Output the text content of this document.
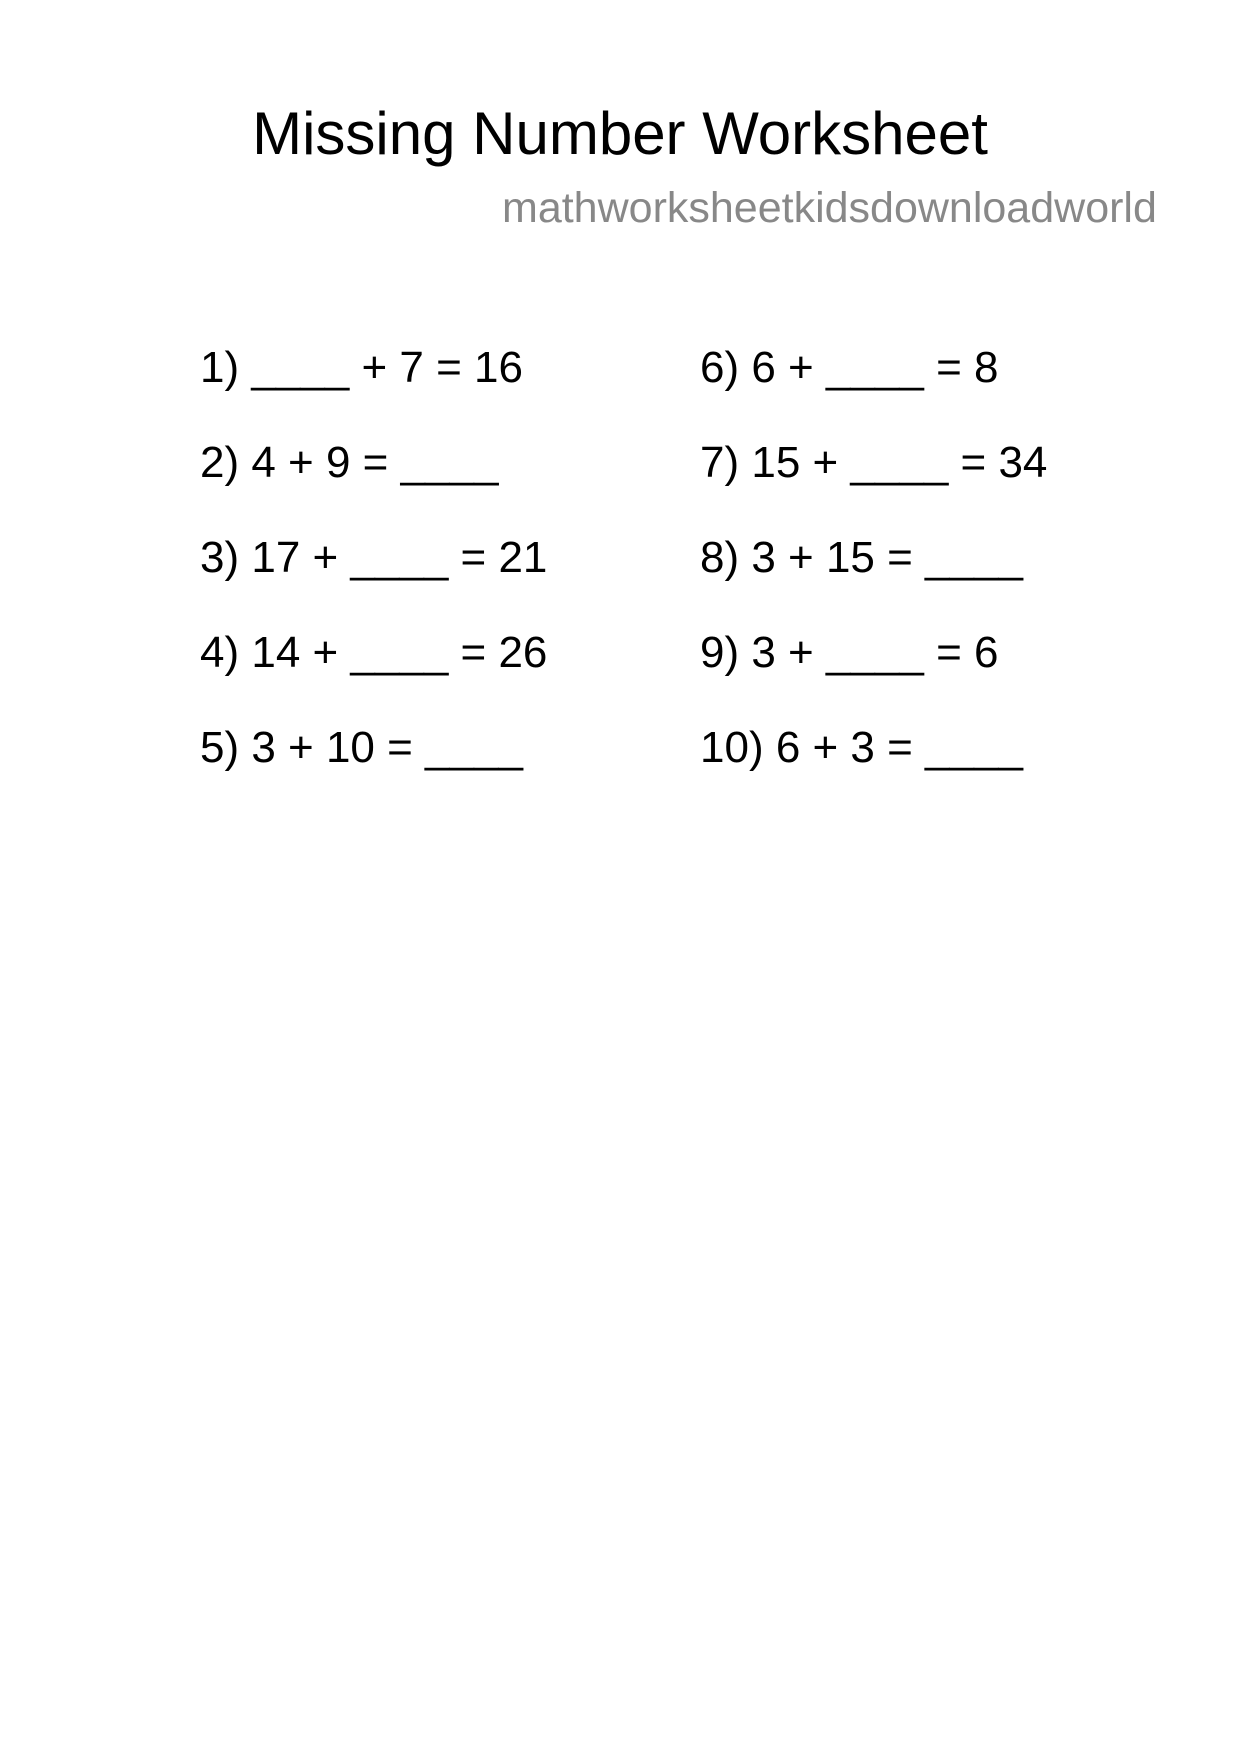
Missing Number Worksheet
mathworksheetkidsdownloadworld
1) ____ + 7 = 16
2) 4 + 9 = ____
3) 17 + ____ = 21
4) 14 + ____ = 26
5) 3 + 10 = ____
6) 6 + ____ = 8
7) 15 + ____ = 34
8) 3 + 15 = ____
9) 3 + ____ = 6
10) 6 + 3 = ____
